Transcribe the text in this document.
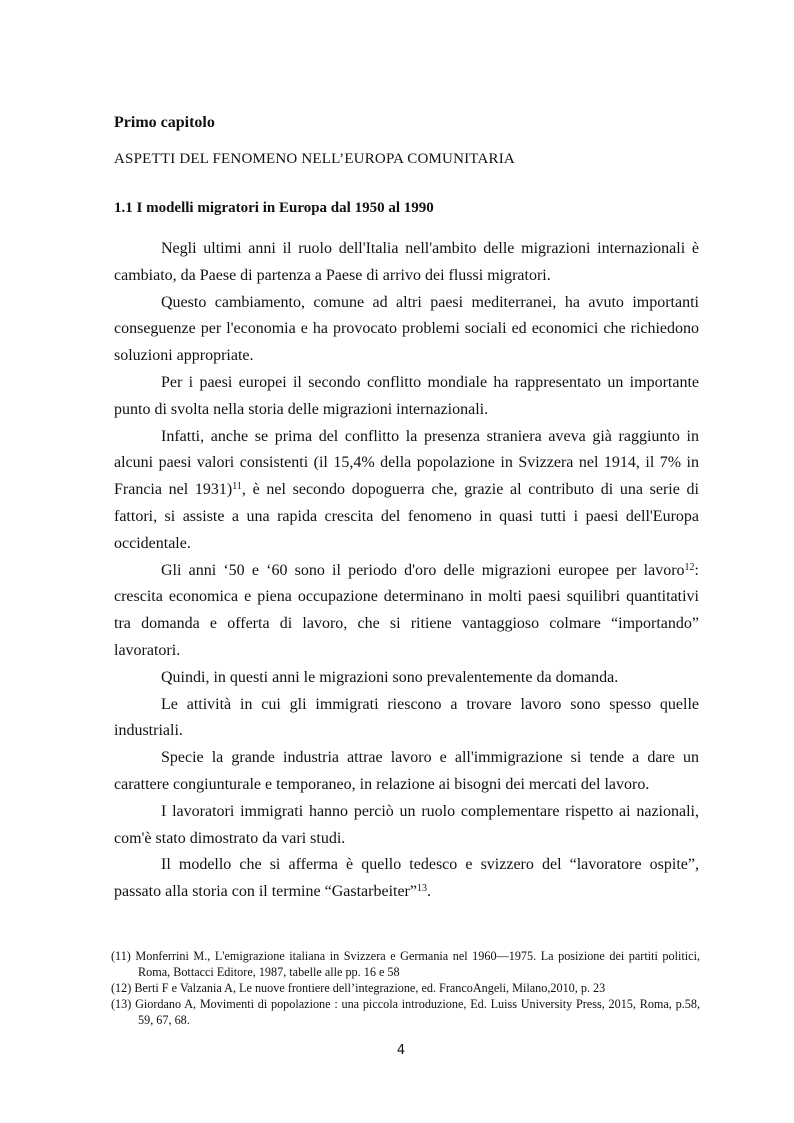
Primo capitolo
ASPETTI DEL FENOMENO NELL’EUROPA COMUNITARIA
1.1 I modelli migratori in Europa dal 1950 al 1990

Negli ultimi anni il ruolo dell'Italia nell'ambito delle migrazioni internazionali è cambiato, da Paese di partenza a Paese di arrivo dei flussi migratori.

Questo cambiamento, comune ad altri paesi mediterranei, ha avuto importanti conseguenze per l'economia e ha provocato problemi sociali ed economici che richiedono soluzioni appropriate.

Per i paesi europei il secondo conflitto mondiale ha rappresentato un importante punto di svolta nella storia delle migrazioni internazionali.

Infatti, anche se prima del conflitto la presenza straniera aveva già raggiunto in alcuni paesi valori consistenti (il 15,4% della popolazione in Svizzera nel 1914, il 7% in Francia nel 1931)$^{11}$, è nel secondo dopoguerra che, grazie al contributo di una serie di fattori, si assiste a una rapida crescita del fenomeno in quasi tutti i paesi dell'Europa occidentale.

Gli anni ‘50 e ‘60 sono il periodo d'oro delle migrazioni europee per lavoro$^{12}$: crescita economica e piena occupazione determinano in molti paesi squilibri quantitativi tra domanda e offerta di lavoro, che si ritiene vantaggioso colmare “importando” lavoratori.

Quindi, in questi anni le migrazioni sono prevalentemente da domanda.

Le attività in cui gli immigrati riescono a trovare lavoro sono spesso quelle industriali.

Specie la grande industria attrae lavoro e all'immigrazione si tende a dare un carattere congiunturale e temporaneo, in relazione ai bisogni dei mercati del lavoro.

I lavoratori immigrati hanno perciò un ruolo complementare rispetto ai nazionali, com'è stato dimostrato da vari studi.

Il modello che si afferma è quello tedesco e svizzero del “lavoratore ospite”, passato alla storia con il termine “Gastarbeiter”$^{13}$.

(11) Monferrini M., L'emigrazione italiana in Svizzera e Germania nel 1960—1975. La posizione dei partiti politici, Roma, Bottacci Editore, 1987, tabelle alle pp. 16 e 58
(12) Berti F e Valzania A, Le nuove frontiere dell’integrazione, ed. FrancoAngeli, Milano,2010, p. 23
(13) Giordano A, Movimenti di popolazione : una piccola introduzione, Ed. Luiss University Press, 2015, Roma, p.58, 59, 67, 68.
4
